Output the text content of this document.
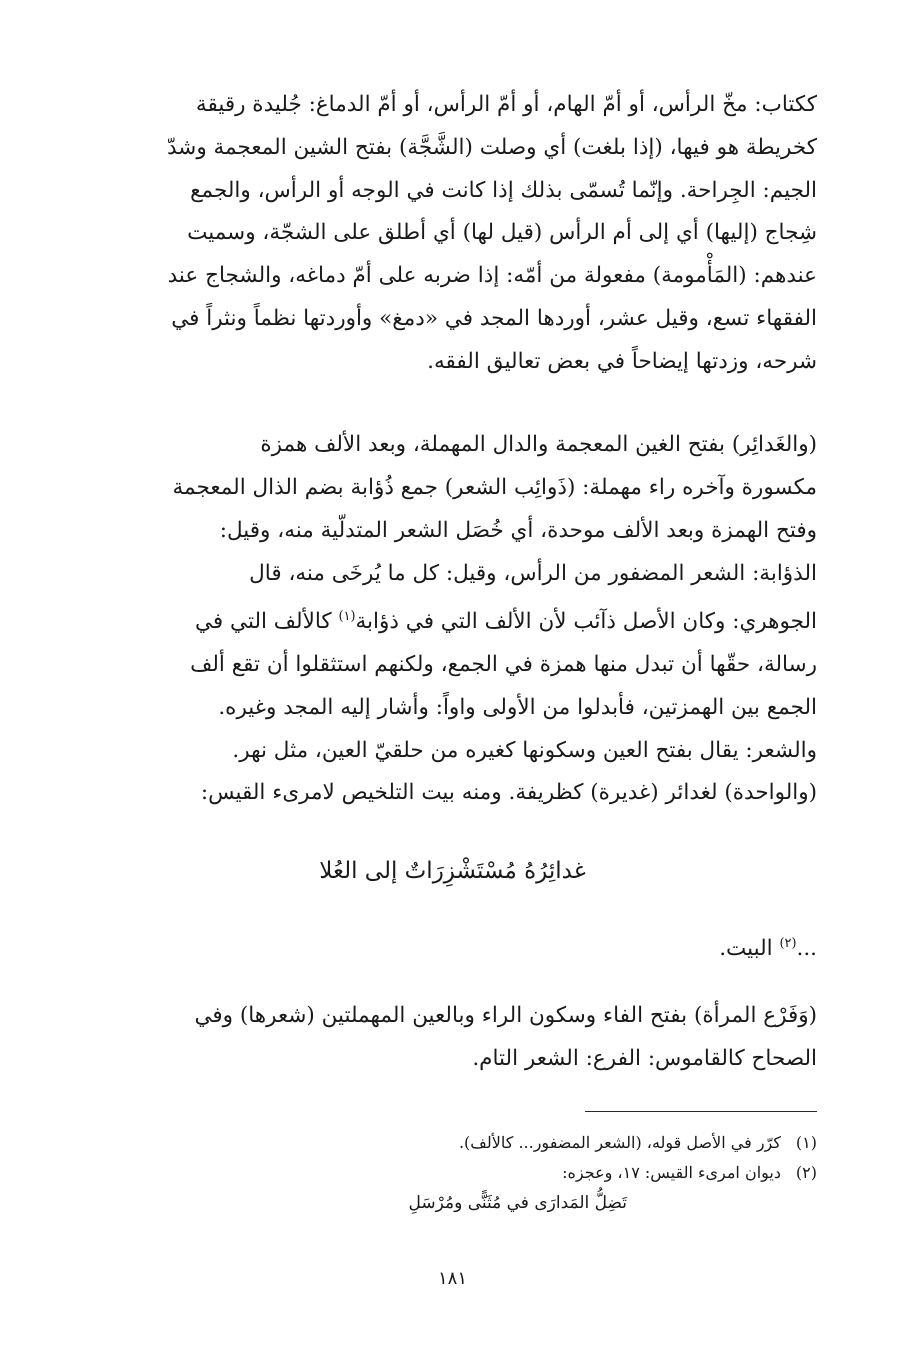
ككتاب: مخّ الرأس، أو أمّ الهام، أو أمّ الرأس، أو أمّ الدماغ: جُليدة رقيقة

كخريطة هو فيها، (إذا بلغت) أي وصلت (الشَّجَّة) بفتح الشين المعجمة وشدّ

الجيم: الجِراحة. وإنّما تُسمّى بذلك إذا كانت في الوجه أو الرأس، والجمع

شِجاج (إليها) أي إلى أم الرأس (قيل لها) أي أطلق على الشجّة، وسميت

عندهم: (المَأْمومة) مفعولة من أمّه: إذا ضربه على أمّ دماغه، والشجاج عند

الفقهاء تسع، وقيل عشر، أوردها المجد في «دمغ» وأوردتها نظماً ونثراً في

شرحه، وزدتها إيضاحاً في بعض تعاليق الفقه.

(والغَدائِر) بفتح الغين المعجمة والدال المهملة، وبعد الألف همزة

مكسورة وآخره راء مهملة: (ذَوائِب الشعر) جمع ذُؤابة بضم الذال المعجمة

وفتح الهمزة وبعد الألف موحدة، أي خُصَل الشعر المتدلّية منه، وقيل:

الذؤابة: الشعر المضفور من الرأس، وقيل: كل ما يُرخَى منه، قال

الجوهري: وكان الأصل ذآئب لأن الألف التي في ذؤابة$^{(١)}$ كالألف التي في

رسالة، حقّها أن تبدل منها همزة في الجمع، ولكنهم استثقلوا أن تقع ألف

الجمع بين الهمزتين، فأبدلوا من الأولى واواً: وأشار إليه المجد وغيره.

والشعر: يقال بفتح العين وسكونها كغيره من حلقيّ العين، مثل نهر.

(والواحدة) لغدائر (غديرة) كظريفة. ومنه بيت التلخيص لامرىء القيس:

غدائِرُهُ مُسْتَشْزِرَاتٌ إلى العُلا
...$^{(٢)}$ البيت.

(وَفَرْع المرأة) بفتح الفاء وسكون الراء وبالعين المهملتين (شعرها) وفي

الصحاح كالقاموس: الفرع: الشعر التام.

(١)كرّر في الأصل قوله، (الشعر المضفور... كالألف).

(٢)ديوان امرىء القيس: ١٧، وعجزه:

تَضِلُّ المَدارَى في مُثَنًّى ومُرْسَلِ

١٨١
